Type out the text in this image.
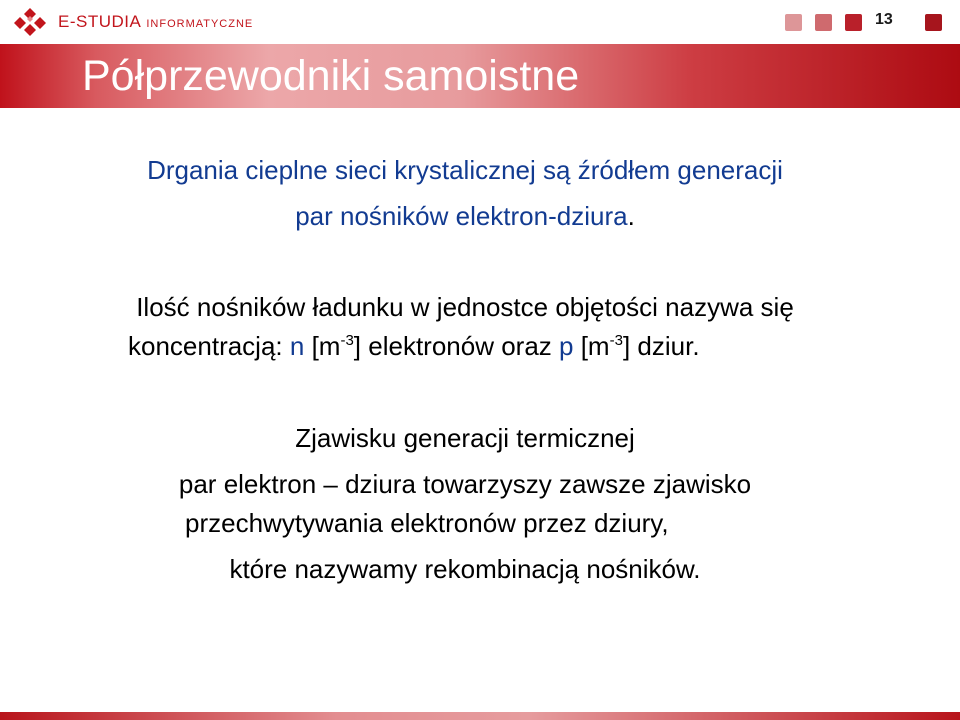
E-STUDIA INFORMATYCZNE	13
Półprzewodniki samoistne
Drgania cieplne sieci krystalicznej są źródłem generacji
par nośników elektron-dziura.
Ilość nośników ładunku w jednostce objętości nazywa się
koncentracją: n $[m^{-3}]$ elektronów oraz p $[m^{-3}]$ dziur.
Zjawisku generacji termicznej
par elektron – dziura towarzyszy zawsze zjawisko
przechwytywania elektronów przez dziury,
które nazywamy rekombinacją nośników.
